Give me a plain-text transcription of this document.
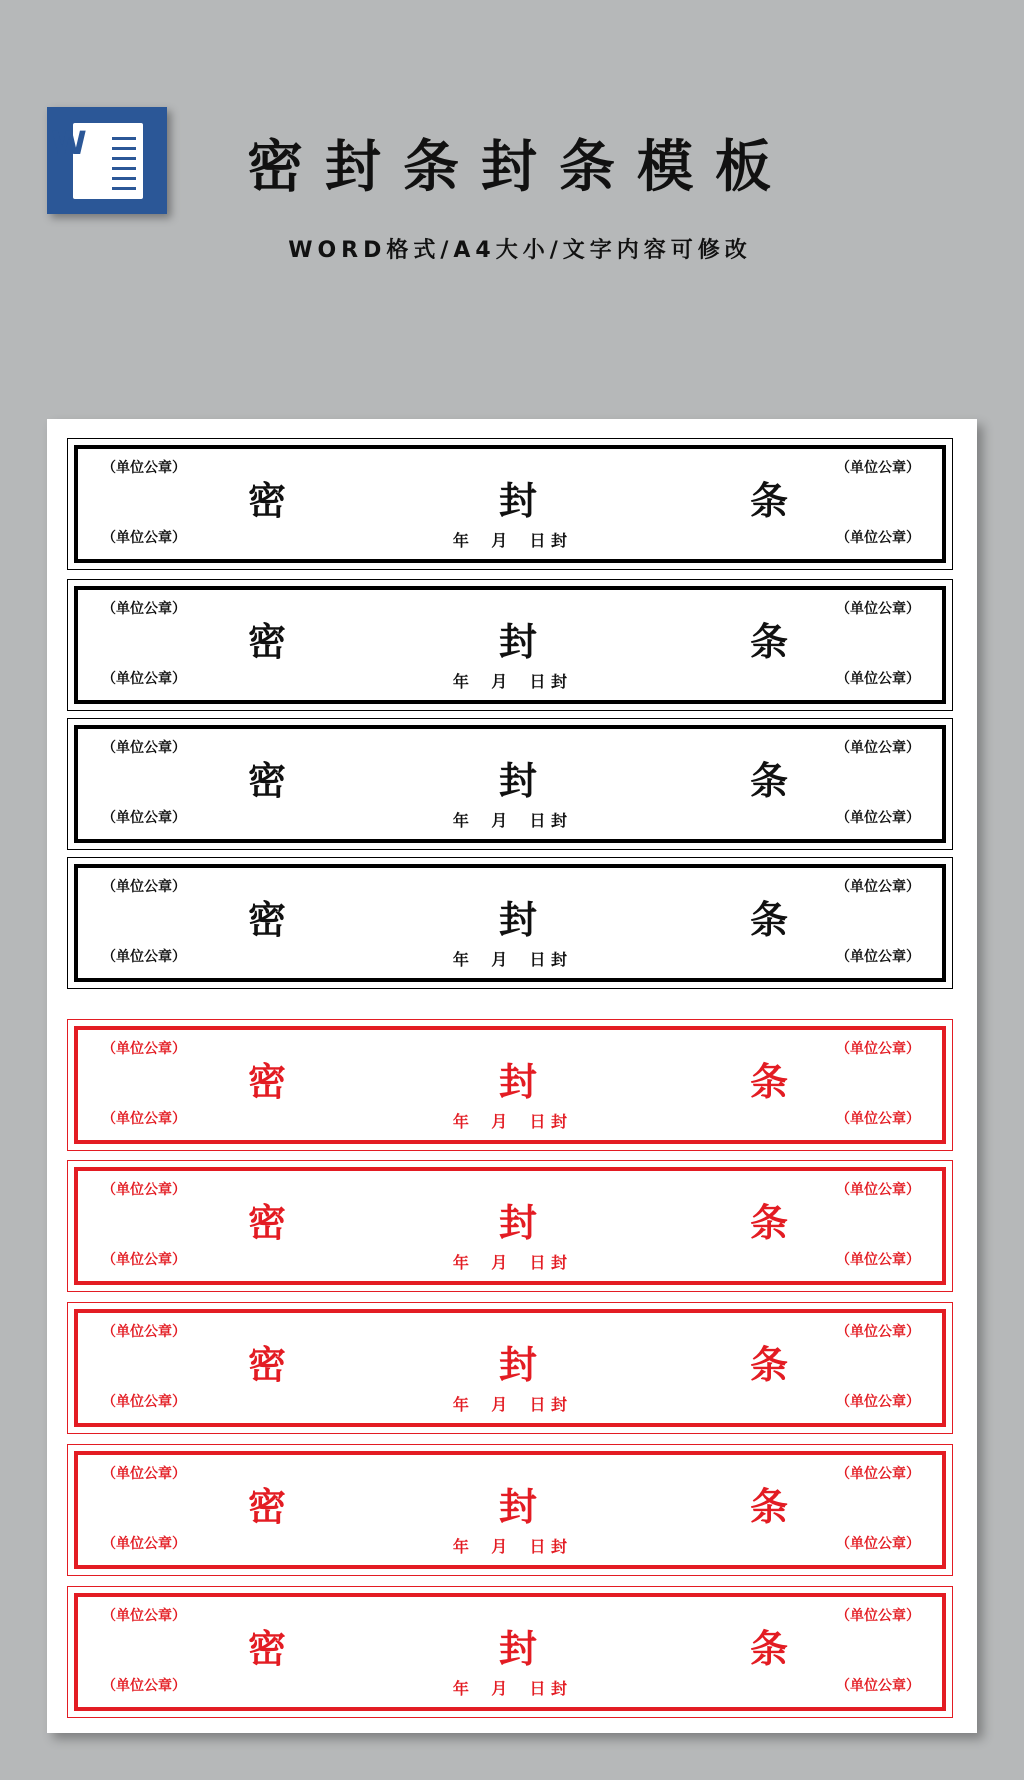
W	密封条封条模板
WORD格式/A4大小/文字内容可修改
（单位公章）	（单位公章）
（单位公章）	（单位公章）
密	封	条
年    月    日 封
（单位公章）	（单位公章）
（单位公章）	（单位公章）
密	封	条
年    月    日 封
（单位公章）	（单位公章）
（单位公章）	（单位公章）
密	封	条
年    月    日 封
（单位公章）	（单位公章）
（单位公章）	（单位公章）
密	封	条
年    月    日 封
（单位公章）	（单位公章）
（单位公章）	（单位公章）
密	封	条
年    月    日 封
（单位公章）	（单位公章）
（单位公章）	（单位公章）
密	封	条
年    月    日 封
（单位公章）	（单位公章）
（单位公章）	（单位公章）
密	封	条
年    月    日 封
（单位公章）	（单位公章）
（单位公章）	（单位公章）
密	封	条
年    月    日 封
（单位公章）	（单位公章）
（单位公章）	（单位公章）
密	封	条
年    月    日 封
